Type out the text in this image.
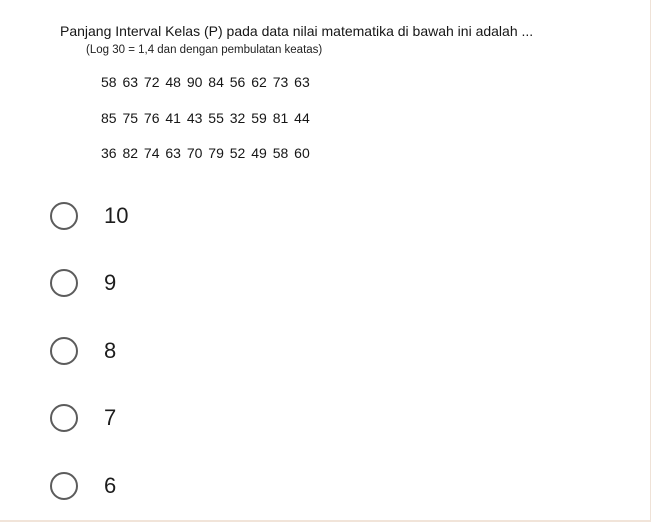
Panjang Interval Kelas (P) pada data nilai matematika di bawah ini adalah ...
(Log 30 = 1,4 dan dengan pembulatan keatas)
58 63 72 48 90 84 56 62 73 63
85 75 76 41 43 55 32 59 81 44
36 82 74 63 70 79 52 49 58 60
10
9
8
7
6
